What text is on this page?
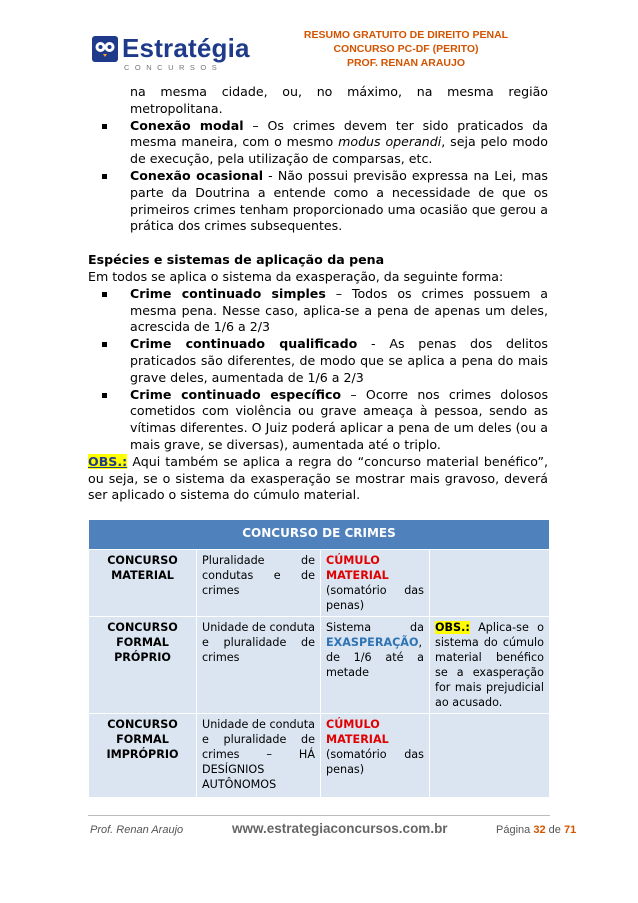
Estratégia
CONCURSOS
RESUMO GRATUITO DE DIREITO PENAL
CONCURSO PC-DF (PERITO)
PROF. RENAN ARAUJO

na mesma cidade, ou, no máximo, na mesma região metropolitana.

Conexão modal – Os crimes devem ter sido praticados da mesma maneira, com o mesmo modus operandi, seja pelo modo de execução, pela utilização de comparsas, etc.
Conexão ocasional - Não possui previsão expressa na Lei, mas parte da Doutrina a entende como a necessidade de que os primeiros crimes tenham proporcionado uma ocasião que gerou a prática dos crimes subsequentes.
Espécies e sistemas de aplicação da pena

Em todos se aplica o sistema da exasperação, da seguinte forma:

Crime continuado simples – Todos os crimes possuem a mesma pena. Nesse caso, aplica-se a pena de apenas um deles, acrescida de 1/6 a 2/3
Crime continuado qualificado - As penas dos delitos praticados são diferentes, de modo que se aplica a pena do mais grave deles, aumentada de 1/6 a 2/3
Crime continuado específico – Ocorre nos crimes dolosos cometidos com violência ou grave ameaça à pessoa, sendo as vítimas diferentes. O Juiz poderá aplicar a pena de um deles (ou a mais grave, se diversas), aumentada até o triplo.

OBS.: Aqui também se aplica a regra do “concurso material benéfico”, ou seja, se o sistema da exasperação se mostrar mais gravoso, deverá ser aplicado o sistema do cúmulo material.

CONCURSO DE CRIMES			
CONCURSO MATERIAL	Pluralidade de condutas e de crimes	CÚMULO MATERIAL (somatório das penas)	
CONCURSO FORMAL PRÓPRIO	Unidade de conduta e pluralidade de crimes	Sistema da EXASPERAÇÃO, de 1/6 até a metade	OBS.: Aplica-se o sistema do cúmulo material benéfico se a exasperação for mais prejudicial ao acusado.
CONCURSO FORMAL IMPRÓPRIO	Unidade de conduta e pluralidade de crimes – HÁ DESÍGNIOS AUTÔNOMOS	CÚMULO MATERIAL (somatório das penas)	
Prof. Renan Araujo	www.estrategiaconcursos.com.br	Página 32 de 71
